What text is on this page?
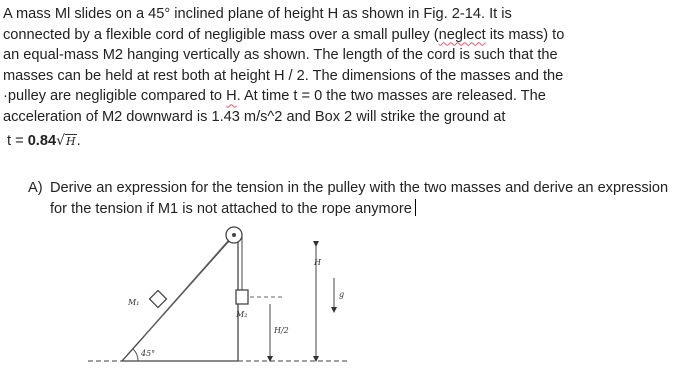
A mass Ml slides on a 45° inclined plane of height H as shown in Fig. 2-14. It is
connected by a flexible cord of negligible mass over a small pulley (neglect its mass) to
an equal-mass M2 hanging vertically as shown. The length of the cord is such that the
masses can be held at rest both at height H / 2. The dimensions of the masses and the
·pulley are negligible compared to H. At time t = 0 the two masses are released. The
acceleration of M2 downward is 1.43 m/s^2 and Box 2 will strike the ground at
t = 0.84√H.
A) Derive an expression for the tension in the pulley with the two masses and derive an expression for the tension if M1 is not attached to the rope anymore
45°
M₁
M₂
H/2
H
g
